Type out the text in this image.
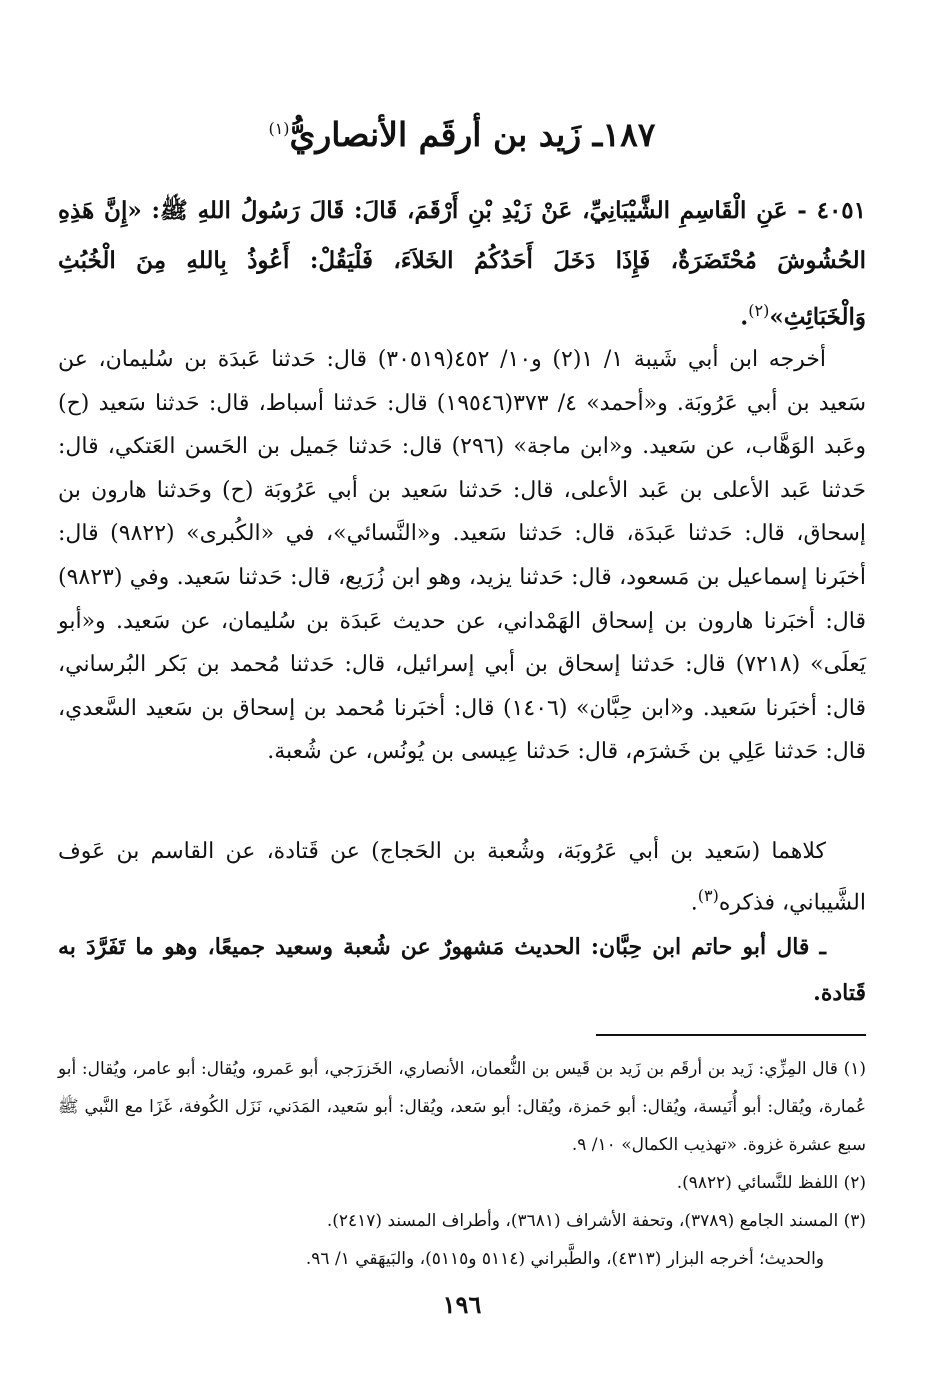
١٨٧ـ زَيد بن أرقَم الأنصاريُّ$^{(١)}$

٤٠٥١ - عَنِ الْقَاسِمِ الشَّيْبَانِيِّ، عَنْ زَيْدِ بْنِ أَرْقَمَ، قَالَ: قَالَ رَسُولُ اللهِ ﷺ: «إِنَّ هَذِهِ الحُشُوشَ مُحْتَضَرَةٌ، فَإِذَا دَخَلَ أَحَدُكُمُ الخَلاَءَ، فَلْيَقُلْ: أَعُوذُ بِاللهِ مِنَ الْخُبُثِ وَالْخَبَائِثِ»$^{(٢)}$.

أخرجه ابن أبي شَيبة ١/ ١(٢) و١٠/ ٤٥٢(٣٠٥١٩) قال: حَدثنا عَبدَة بن سُليمان، عن سَعيد بن أبي عَرُوبَة. و«أحمد» ٤/ ٣٧٣(١٩٥٤٦) قال: حَدثنا أسباط، قال: حَدثنا سَعيد (ح) وعَبد الوَهَّاب، عن سَعيد. و«ابن ماجة» (٢٩٦) قال: حَدثنا جَميل بن الحَسن العَتكي، قال: حَدثنا عَبد الأعلى بن عَبد الأعلى، قال: حَدثنا سَعيد بن أبي عَرُوبَة (ح) وحَدثنا هارون بن إسحاق، قال: حَدثنا عَبدَة، قال: حَدثنا سَعيد. و«النَّسائي»، في «الكُبرى» (٩٨٢٢) قال: أخبَرنا إسماعيل بن مَسعود، قال: حَدثنا يزيد، وهو ابن زُرَيع، قال: حَدثنا سَعيد. وفي (٩٨٢٣) قال: أخبَرنا هارون بن إسحاق الهَمْداني، عن حديث عَبدَة بن سُليمان، عن سَعيد. و«أبو يَعلَى» (٧٢١٨) قال: حَدثنا إسحاق بن أبي إسرائيل، قال: حَدثنا مُحمد بن بَكر البُرساني، قال: أخبَرنا سَعيد. و«ابن حِبَّان» (١٤٠٦) قال: أخبَرنا مُحمد بن إسحاق بن سَعيد السَّعدي، قال: حَدثنا عَلِي بن خَشرَم، قال: حَدثنا عِيسى بن يُونُس، عن شُعبة.

كلاهما (سَعيد بن أبي عَرُوبَة، وشُعبة بن الحَجاج) عن قَتادة، عن القاسم بن عَوف الشَّيباني، فذكره$^{(٣)}$.

ـ قال أبو حاتم ابن حِبَّان: الحديث مَشهورٌ عن شُعبة وسعيد جميعًا، وهو ما تَفَرَّدَ به قَتادة.

(١) قال المِزِّي: زَيد بن أرقَم بن زَيد بن قَيس بن النُّعمان، الأنصاري، الخَزرَجي، أبو عَمرو، ويُقال: أبو عامر، ويُقال: أبو عُمارة، ويُقال: أبو أُنَيسة، ويُقال: أبو حَمزة، ويُقال: أبو سَعد، ويُقال: أبو سَعيد، المَدَني، نَزَل الكُوفة، غَزَا مع النَّبي ﷺ سبع عشرة غزوة. «تهذيب الكمال» ١٠/ ٩.

(٢) اللفظ للنَّسائي (٩٨٢٢).

(٣) المسند الجامع (٣٧٨٩)، وتحفة الأشراف (٣٦٨١)، وأطراف المسند (٢٤١٧).

والحديث؛ أخرجه البزار (٤٣١٣)، والطَّبراني (٥١١٤ و٥١١٥)، والبَيهَقي ١/ ٩٦.

١٩٦
